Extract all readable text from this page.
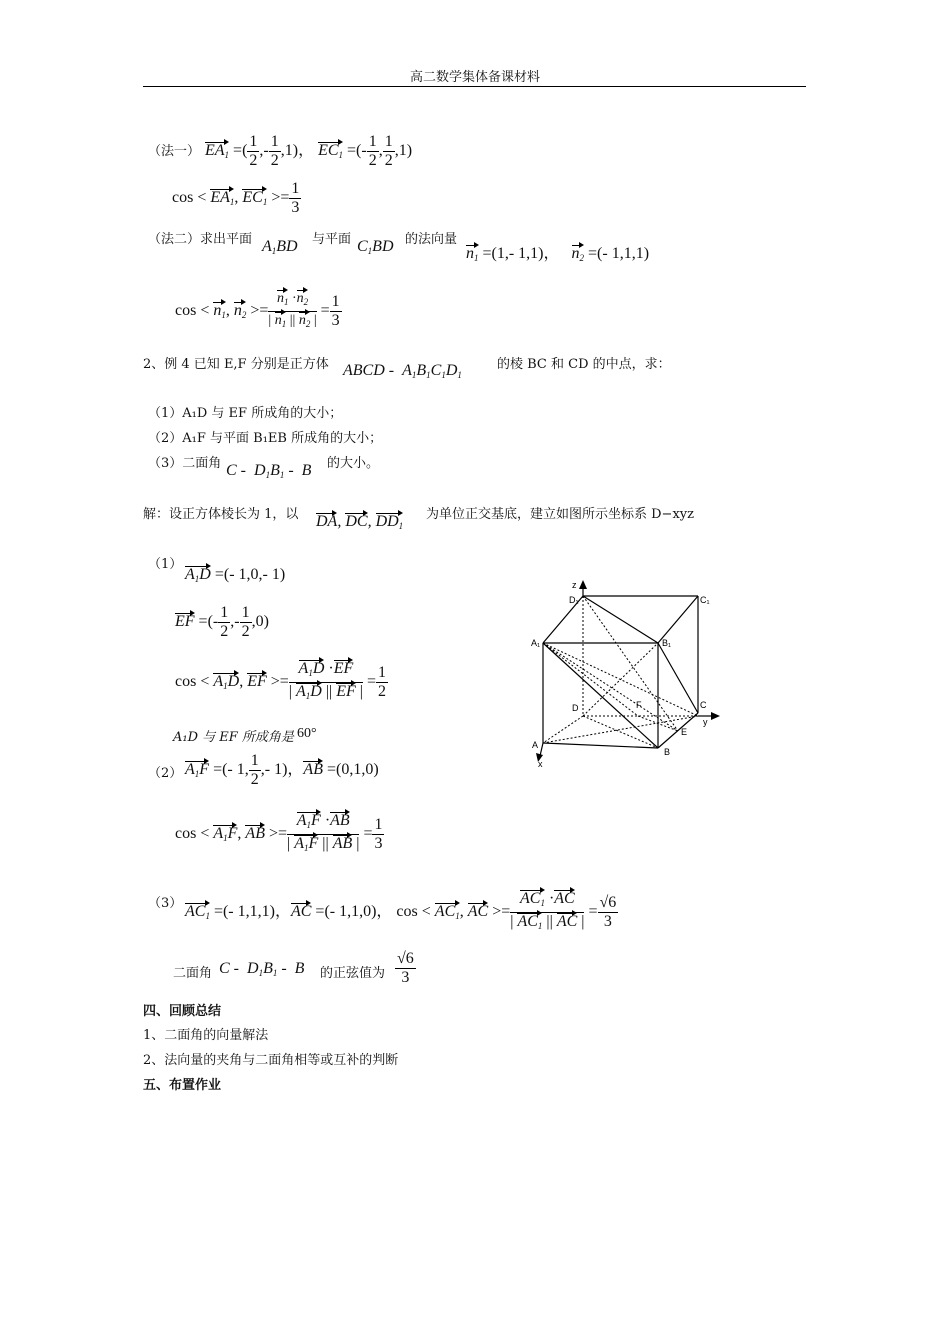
高二数学集体备课材料
（法一） $EA_1$ =( $\frac{1}{2}$ ,- $\frac{1}{2} ,1$)， $EC_1$ =(- $\frac{1}{2}$ , $\frac{1}{2} ,1$)
$\cos < EA_1$, $EC_1 >= \frac{1}{3}$
（法二）求出平面 $A_1BD$ 与平面 $C_1BD$ 的法向量
$n_1 =(1,-$ 1,1)，   $n_2$ =(- 1,1,1)
$\cos < n_1$, $n_2 >= \frac{n_1 \cdot n_2}{| n_1 || n_2 |} = \frac{1}{3}$
2、例 4 已知 E,F 分别是正方体 ABCD -  $A_1B_1C_1D_1$
的棱 BC 和 CD 的中点，求：
（1）A₁D 与 EF 所成角的大小；
（2）A₁F 与平面 B₁EB 所成角的大小；
（3）二面角 C -  $D_1B_1$ -  B 的大小。
解：设正方体棱长为 1，以 DA, DC, $DD_1$
为单位正交基底，建立如图所示坐标系 D−xyz
（1）
$A_1D$ =(- 1,0,- 1)
EF =(- $\frac{1}{2}$ ,- $\frac{1}{2} ,0$)
$\cos < A_1D$, EF >= $\frac{A_1D \cdot EF}{| A_1D || EF |} = \frac{1}{2}$
A₁D 与 EF 所成角是 60°
（2） $A_1F$ =(- 1, $\frac{1}{2}$ ,- 1)，AB =(0,1,0)
$\cos < A_1F$, AB >= $\frac{A_1F \cdot AB}{| A_1F || AB |} = \frac{1}{3}$
（3） $AC_1$ =(- 1,1,1)，AC =(- 1,1,0)， $\cos < AC_1$, AC >= $\frac{AC_1 \cdot AC}{| AC_1 || AC |} = \frac{√6}{3}$
二面角 C -  $D_1B_1$ -  B 的正弦值为 $\frac{√6}{3}$
四、回顾总结
1、二面角的向量解法
2、法向量的夹角与二面角相等或互补的判断
五、布置作业
z
D₁	C₁
A₁	B₁
D	F	C
y
A
E
B
x
